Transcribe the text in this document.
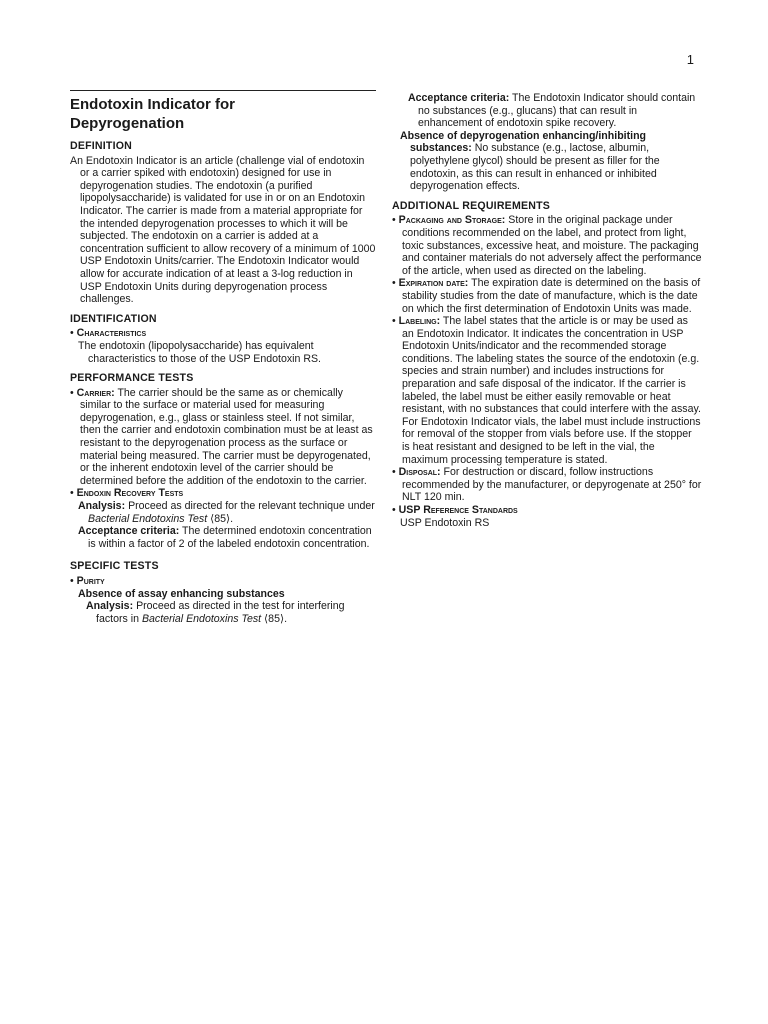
1
Endotoxin Indicator for
Depyrogenation
DEFINITION

An Endotoxin Indicator is an article (challenge vial of endotoxin or a carrier spiked with endotoxin) designed for use in depyrogenation studies. The endotoxin (a purified lipopolysaccharide) is validated for use in or on an Endotoxin Indicator. The carrier is made from a material appropriate for the intended depyrogenation processes to which it will be subjected. The endotoxin on a carrier is added at a concentration sufficient to allow recovery of a minimum of 1000 USP Endotoxin Units/carrier. The Endotoxin Indicator would allow for accurate indication of at least a 3-log reduction in USP Endotoxin Units during depyrogenation process challenges.

IDENTIFICATION

• Characteristics

The endotoxin (lipopolysaccharide) has equivalent characteristics to those of the USP Endotoxin RS.

PERFORMANCE TESTS

• Carrier: The carrier should be the same as or chemically similar to the surface or material used for measuring depyrogenation, e.g., glass or stainless steel. If not similar, then the carrier and endotoxin combination must be at least as resistant to the depyrogenation process as the surface or material being measured. The carrier must be depyrogenated, or the inherent endotoxin level of the carrier should be determined before the addition of the endotoxin to the carrier.

• Endoxin Recovery Tests

Analysis: Proceed as directed for the relevant technique under Bacterial Endotoxins Test ⟨85⟩.

Acceptance criteria: The determined endotoxin concentration is within a factor of 2 of the labeled endotoxin concentration.

SPECIFIC TESTS

• Purity

Absence of assay enhancing substances

Analysis: Proceed as directed in the test for interfering factors in Bacterial Endotoxins Test ⟨85⟩.

Acceptance criteria: The Endotoxin Indicator should contain no substances (e.g., glucans) that can result in enhancement of endotoxin spike recovery.

Absence of depyrogenation enhancing/inhibiting substances: No substance (e.g., lactose, albumin, polyethylene glycol) should be present as filler for the endotoxin, as this can result in enhanced or inhibited depyrogenation effects.

ADDITIONAL REQUIREMENTS

• Packaging and Storage: Store in the original package under conditions recommended on the label, and protect from light, toxic substances, excessive heat, and moisture. The packaging and container materials do not adversely affect the performance of the article, when used as directed on the labeling.

• Expiration date: The expiration date is determined on the basis of stability studies from the date of manufacture, which is the date on which the first determination of Endotoxin Units was made.

• Labeling: The label states that the article is or may be used as an Endotoxin Indicator. It indicates the concentration in USP Endotoxin Units/indicator and the recommended storage conditions. The labeling states the source of the endotoxin (e.g. species and strain number) and includes instructions for preparation and safe disposal of the indicator. If the carrier is labeled, the label must be either easily removable or heat resistant, with no substances that could interfere with the assay. For Endotoxin Indicator vials, the label must include instructions for removal of the stopper from vials before use. If the stopper is heat resistant and designed to be left in the vial, the maximum processing temperature is stated.

• Disposal: For destruction or discard, follow instructions recommended by the manufacturer, or depyrogenate at 250° for NLT 120 min.

• USP Reference Standards

USP Endotoxin RS
